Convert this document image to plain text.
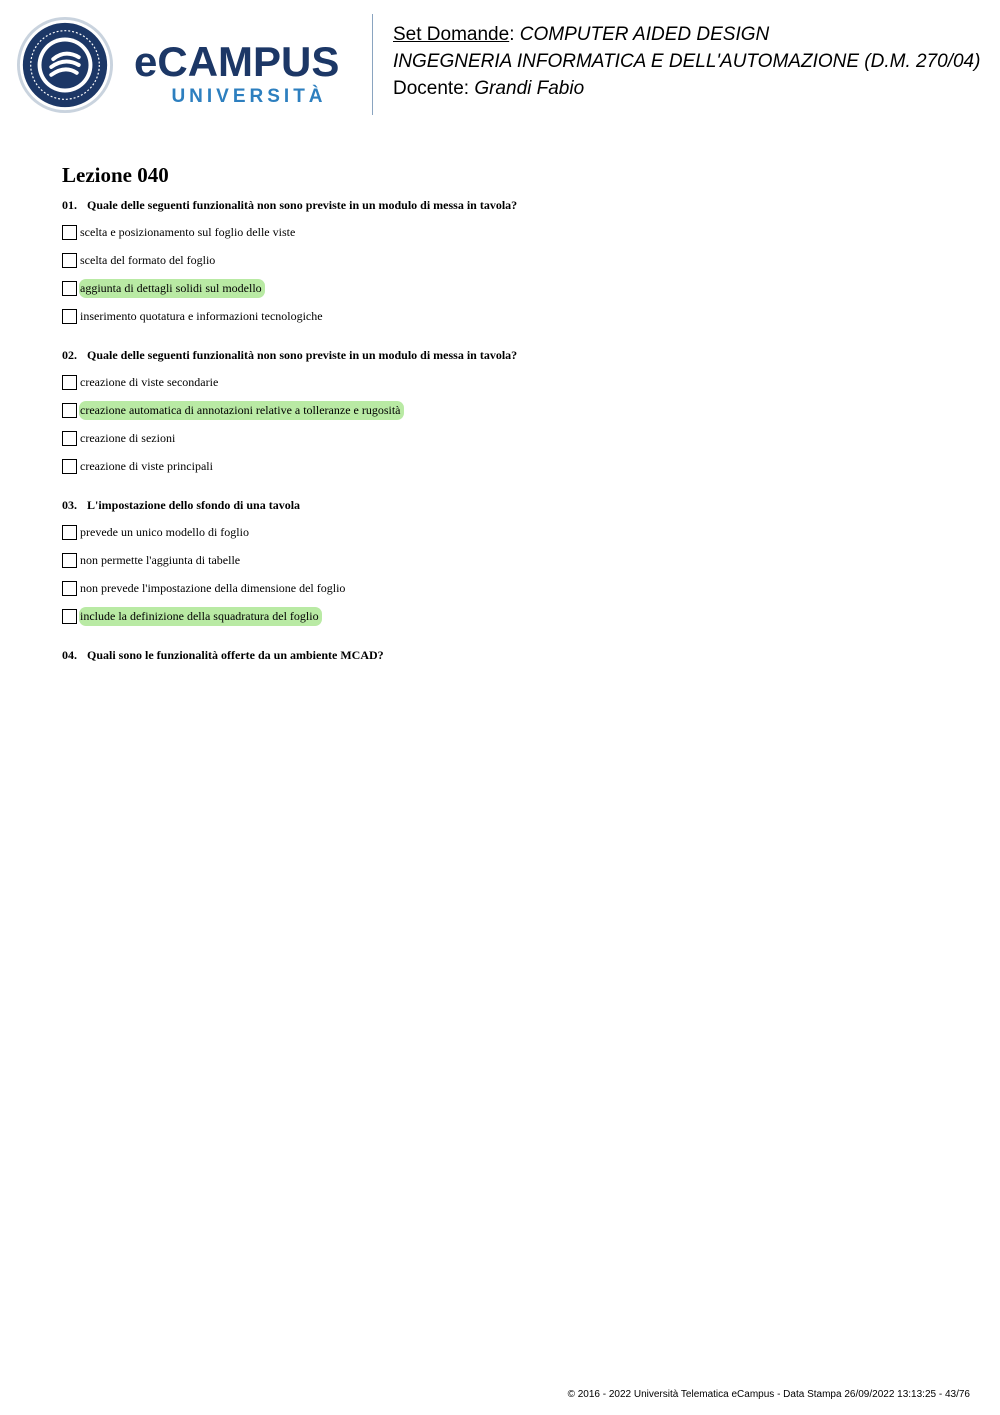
eCAMPUS
UNIVERSITÀ
Set Domande: COMPUTER AIDED DESIGN
INGEGNERIA INFORMATICA E DELL'AUTOMAZIONE (D.M. 270/04)
Docente: Grandi Fabio
Lezione 040

01. Quale delle seguenti funzionalità non sono previste in un modulo di messa in tavola?

scelta e posizionamento sul foglio delle viste
scelta del formato del foglio
aggiunta di dettagli solidi sul modello
inserimento quotatura e informazioni tecnologiche

02. Quale delle seguenti funzionalità non sono previste in un modulo di messa in tavola?

creazione di viste secondarie
creazione automatica di annotazioni relative a tolleranze e rugosità
creazione di sezioni
creazione di viste principali

03. L'impostazione dello sfondo di una tavola

prevede un unico modello di foglio
non permette l'aggiunta di tabelle
non prevede l'impostazione della dimensione del foglio
include la definizione della squadratura del foglio

04. Quali sono le funzionalità offerte da un ambiente MCAD?

© 2016 - 2022 Università Telematica eCampus - Data Stampa 26/09/2022 13:13:25 - 43/76
